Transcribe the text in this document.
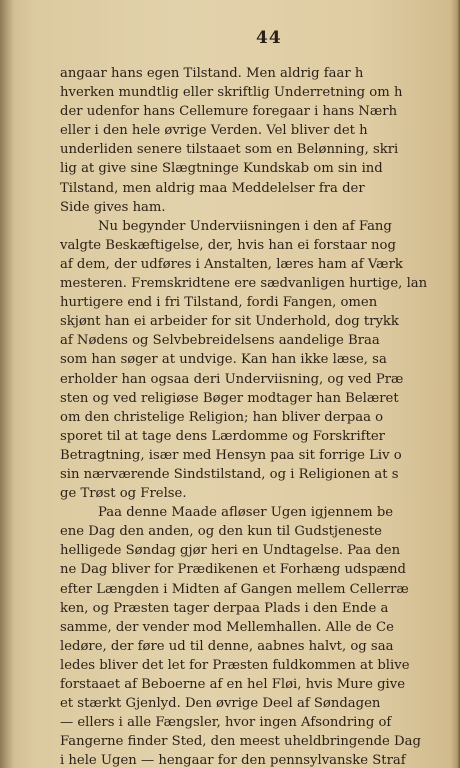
44
angaar hans egen Tilstand. Men aldrig faar h
hverken mundtlig eller skriftlig Underretning om h
der udenfor hans Cellemure foregaar i hans Nærh
eller i den hele øvrige Verden. Vel bliver det h
underliden senere tilstaaet som en Belønning, skri
lig at give sine Slægtninge Kundskab om sin ind
Tilstand, men aldrig maa Meddelelser fra der
Side gives ham.
Nu begynder Underviisningen i den af Fang
valgte Beskæftigelse, der, hvis han ei forstaar nog
af dem, der udføres i Anstalten, læres ham af Værk
mesteren. Fremskridtene ere sædvanligen hurtige, lan
hurtigere end i fri Tilstand, fordi Fangen, omen
skjønt han ei arbeider for sit Underhold, dog trykk
af Nødens og Selvbebreidelsens aandelige Braa
som han søger at undvige. Kan han ikke læse, sa
erholder han ogsaa deri Underviisning, og ved Præ
sten og ved religiøse Bøger modtager han Belæret
om den christelige Religion; han bliver derpaa o
sporet til at tage dens Lærdomme og Forskrifter
Betragtning, især med Hensyn paa sit forrige Liv o
sin nærværende Sindstilstand, og i Religionen at s
ge Trøst og Frelse.
Paa denne Maade afløser Ugen igjennem be
ene Dag den anden, og den kun til Gudstjeneste
helligede Søndag gjør heri en Undtagelse. Paa den
ne Dag bliver for Prædikenen et Forhæng udspænd
efter Længden i Midten af Gangen mellem Cellerræ
ken, og Præsten tager derpaa Plads i den Ende a
samme, der vender mod Mellemhallen. Alle de Ce
ledøre, der føre ud til denne, aabnes halvt, og saa
ledes bliver det let for Præsten fuldkommen at blive
forstaaet af Beboerne af en hel Fløi, hvis Mure give
et stærkt Gjenlyd. Den øvrige Deel af Søndagen
— ellers i alle Fængsler, hvor ingen Afsondring of
Fangerne finder Sted, den meest uheldbringende Dag
i hele Ugen — hengaar for den pennsylvanske Straf
